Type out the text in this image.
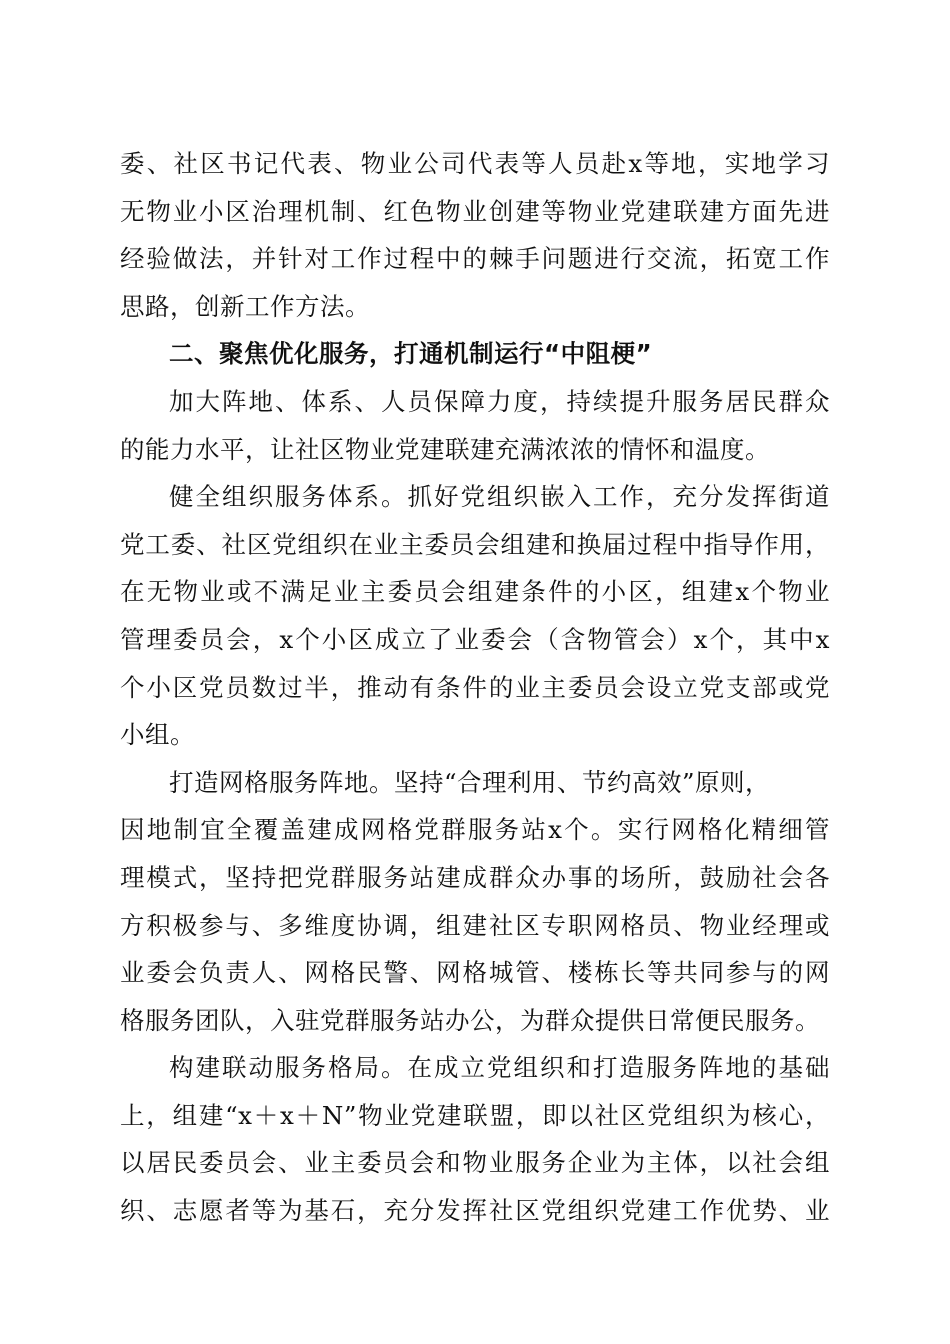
委、社区书记代表、物业公司代表等人员赴x等地，实地学习
无物业小区治理机制、红色物业创建等物业党建联建方面先进
经验做法，并针对工作过程中的棘手问题进行交流，拓宽工作
思路，创新工作方法。
二、聚焦优化服务，打通机制运行“中阻梗”
加大阵地、体系、人员保障力度，持续提升服务居民群众
的能力水平，让社区物业党建联建充满浓浓的情怀和温度。
健全组织服务体系。抓好党组织嵌入工作，充分发挥街道
党工委、社区党组织在业主委员会组建和换届过程中指导作用，
在无物业或不满足业主委员会组建条件的小区，组建x个物业
管理委员会，x个小区成立了业委会（含物管会）x个，其中x
个小区党员数过半，推动有条件的业主委员会设立党支部或党
小组。
打造网格服务阵地。坚持“合理利用、节约高效”原则，
因地制宜全覆盖建成网格党群服务站x个。实行网格化精细管
理模式，坚持把党群服务站建成群众办事的场所，鼓励社会各
方积极参与、多维度协调，组建社区专职网格员、物业经理或
业委会负责人、网格民警、网格城管、楼栋长等共同参与的网
格服务团队，入驻党群服务站办公，为群众提供日常便民服务。
构建联动服务格局。在成立党组织和打造服务阵地的基础
上，组建“x＋x＋N”物业党建联盟，即以社区党组织为核心，
以居民委员会、业主委员会和物业服务企业为主体，以社会组
织、志愿者等为基石，充分发挥社区党组织党建工作优势、业
